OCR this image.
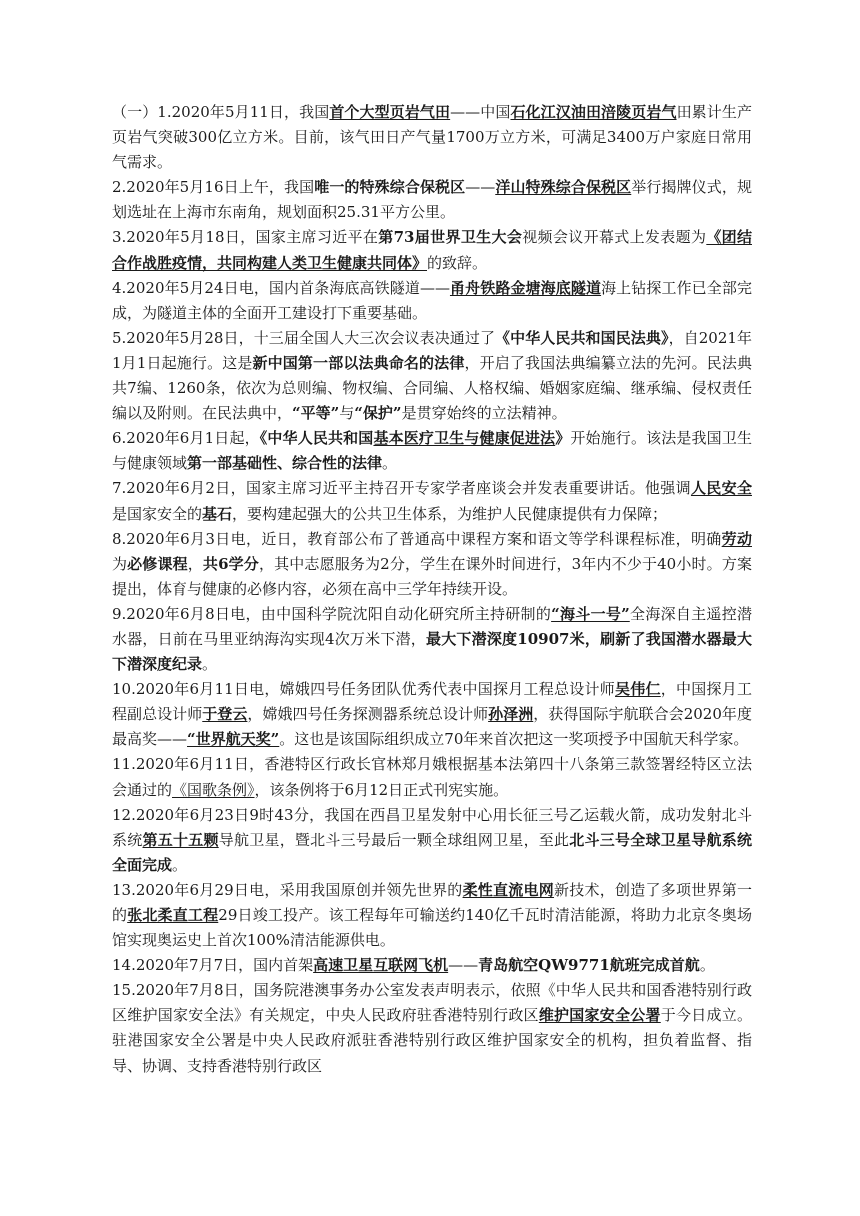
（一）1.2020年5月11日，我国首个大型页岩气田——中国石化江汉油田涪陵页岩气田累计生产页岩气突破300亿立方米。目前，该气田日产气量1700万立方米，可满足3400万户家庭日常用气需求。

2.2020年5月16日上午，我国唯一的特殊综合保税区——洋山特殊综合保税区举行揭牌仪式，规划选址在上海市东南角，规划面积25.31平方公里。

3.2020年5月18日，国家主席习近平在第73届世界卫生大会视频会议开幕式上发表题为《团结合作战胜疫情，共同构建人类卫生健康共同体》的致辞。

4.2020年5月24日电，国内首条海底高铁隧道——甬舟铁路金塘海底隧道海上钻探工作已全部完成，为隧道主体的全面开工建设打下重要基础。

5.2020年5月28日，十三届全国人大三次会议表决通过了《中华人民共和国民法典》，自2021年1月1日起施行。这是新中国第一部以法典命名的法律，开启了我国法典编纂立法的先河。民法典共7编、1260条，依次为总则编、物权编、合同编、人格权编、婚姻家庭编、继承编、侵权责任编以及附则。在民法典中，“平等”与“保护”是贯穿始终的立法精神。

6.2020年6月1日起，《中华人民共和国基本医疗卫生与健康促进法》开始施行。该法是我国卫生与健康领域第一部基础性、综合性的法律。

7.2020年6月2日，国家主席习近平主持召开专家学者座谈会并发表重要讲话。他强调人民安全是国家安全的基石，要构建起强大的公共卫生体系，为维护人民健康提供有力保障；

8.2020年6月3日电，近日，教育部公布了普通高中课程方案和语文等学科课程标准，明确劳动为必修课程，共6学分，其中志愿服务为2分，学生在课外时间进行，3年内不少于40小时。方案提出，体育与健康的必修内容，必须在高中三学年持续开设。

9.2020年6月8日电，由中国科学院沈阳自动化研究所主持研制的“海斗一号”全海深自主遥控潜水器，日前在马里亚纳海沟实现4次万米下潜，最大下潜深度10907米，刷新了我国潜水器最大下潜深度纪录。

10.2020年6月11日电，嫦娥四号任务团队优秀代表中国探月工程总设计师吴伟仁，中国探月工程副总设计师于登云，嫦娥四号任务探测器系统总设计师孙泽洲，获得国际宇航联合会2020年度最高奖——“世界航天奖”。这也是该国际组织成立70年来首次把这一奖项授予中国航天科学家。

11.2020年6月11日，香港特区行政长官林郑月娥根据基本法第四十八条第三款签署经特区立法会通过的《国歌条例》，该条例将于6月12日正式刊宪实施。

12.2020年6月23日9时43分，我国在西昌卫星发射中心用长征三号乙运载火箭，成功发射北斗系统第五十五颗导航卫星，暨北斗三号最后一颗全球组网卫星，至此北斗三号全球卫星导航系统全面完成。

13.2020年6月29日电，采用我国原创并领先世界的柔性直流电网新技术，创造了多项世界第一的张北柔直工程29日竣工投产。该工程每年可输送约140亿千瓦时清洁能源，将助力北京冬奥场馆实现奥运史上首次100%清洁能源供电。

14.2020年7月7日，国内首架高速卫星互联网飞机——青岛航空QW9771航班完成首航。

15.2020年7月8日，国务院港澳事务办公室发表声明表示，依照《中华人民共和国香港特别行政区维护国家安全法》有关规定，中央人民政府驻香港特别行政区维护国家安全公署于今日成立。驻港国家安全公署是中央人民政府派驻香港特别行政区维护国家安全的机构，担负着监督、指导、协调、支持香港特别行政区
